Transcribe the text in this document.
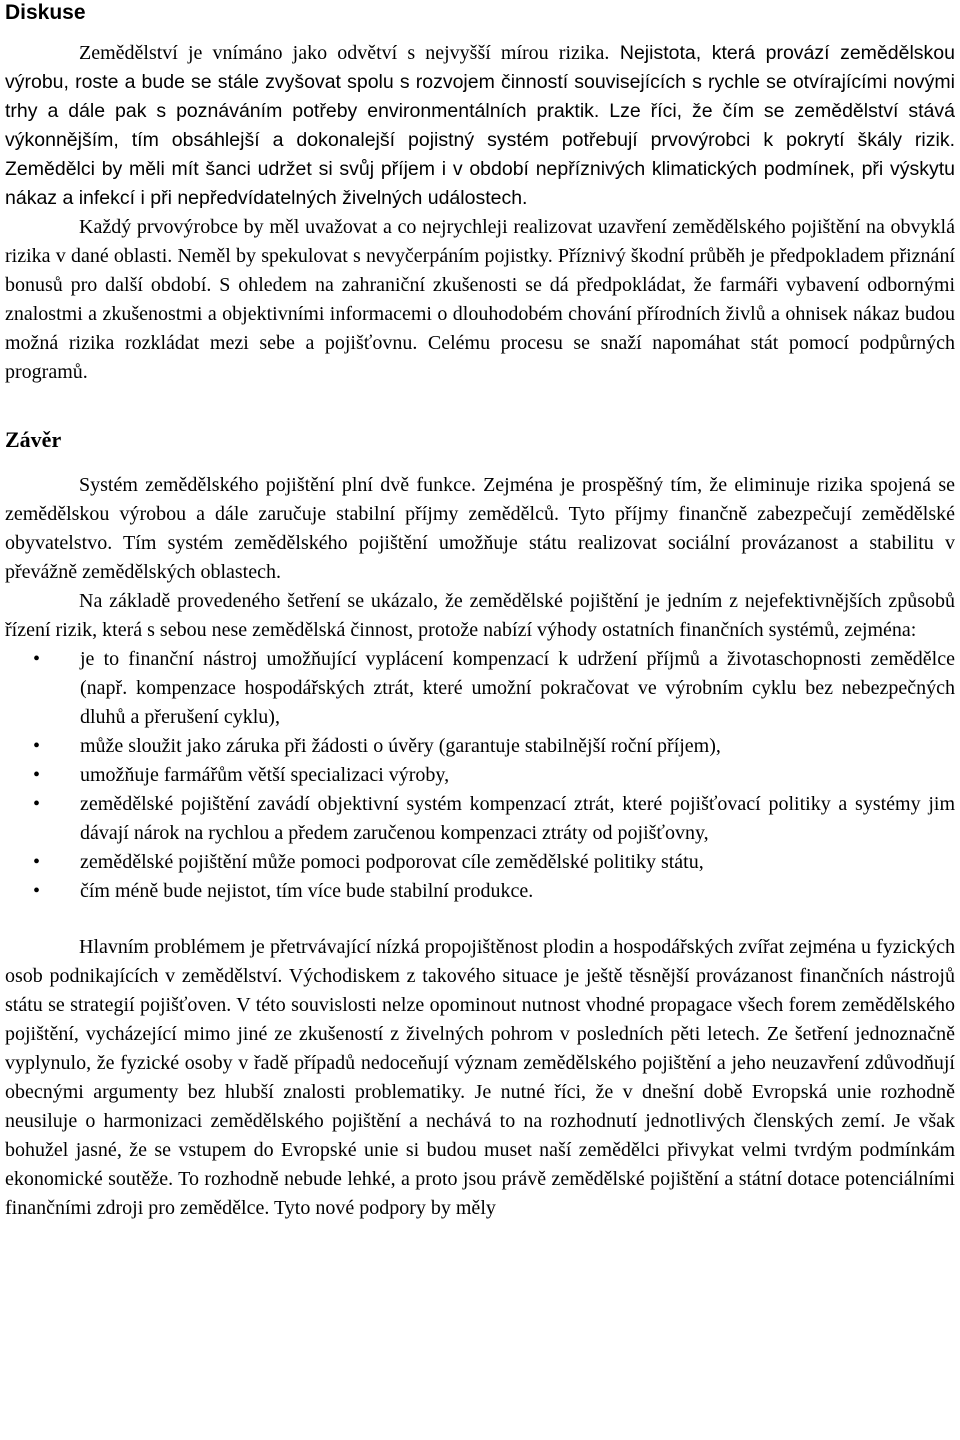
Diskuse

Zemědělství je vnímáno jako odvětví s nejvyšší mírou rizika. Nejistota, která provází zemědělskou výrobu, roste a bude se stále zvyšovat spolu s rozvojem činností souvisejících s rychle se otvírajícími novými trhy a dále pak s poznáváním potřeby environmentálních praktik. Lze říci, že čím se zemědělství stává výkonnějším, tím obsáhlejší a dokonalejší pojistný systém potřebují prvovýrobci k pokrytí škály rizik. Zemědělci by měli mít šanci udržet si svůj příjem i v období nepříznivých klimatických podmínek, při výskytu nákaz a infekcí i při nepředvídatelných živelných událostech.

Každý prvovýrobce by měl uvažovat a co nejrychleji realizovat uzavření zemědělského pojištění na obvyklá rizika v dané oblasti. Neměl by spekulovat s nevyčerpáním pojistky. Příznivý škodní průběh je předpokladem přiznání bonusů pro další období. S ohledem na zahraniční zkušenosti se dá předpokládat, že farmáři vybavení odbornými znalostmi a zkušenostmi a objektivními informacemi o dlouhodobém chování přírodních živlů a ohnisek nákaz budou možná rizika rozkládat mezi sebe a pojišťovnu. Celému procesu se snaží napomáhat stát pomocí podpůrných programů.

Závěr

Systém zemědělského pojištění plní dvě funkce. Zejména je prospěšný tím, že eliminuje rizika spojená se zemědělskou výrobou a dále zaručuje stabilní příjmy zemědělců. Tyto příjmy finančně zabezpečují zemědělské obyvatelstvo. Tím systém zemědělského pojištění umožňuje státu realizovat sociální provázanost a stabilitu v převážně zemědělských oblastech.

Na základě provedeného šetření se ukázalo, že zemědělské pojištění je jedním z nejefektivnějších způsobů řízení rizik, která s sebou nese zemědělská činnost, protože nabízí výhody ostatních finančních systémů, zejména:

• je to finanční nástroj umožňující vyplácení kompenzací k udržení příjmů a životaschopnosti zemědělce (např. kompenzace hospodářských ztrát, které umožní pokračovat ve výrobním cyklu bez nebezpečných dluhů a přerušení cyklu),
• může sloužit jako záruka při žádosti o úvěry (garantuje stabilnější roční příjem),
• umožňuje farmářům větší specializaci výroby,
• zemědělské pojištění zavádí objektivní systém kompenzací ztrát, které pojišťovací politiky a systémy jim dávají nárok na rychlou a předem zaručenou kompenzaci ztráty od pojišťovny,
• zemědělské pojištění může pomoci podporovat cíle zemědělské politiky státu,
• čím méně bude nejistot, tím více bude stabilní produkce.

Hlavním problémem je přetrvávající nízká propojištěnost plodin a hospodářských zvířat zejména u fyzických osob podnikajících v zemědělství. Východiskem z takového situace je ještě těsnější provázanost finančních nástrojů státu se strategií pojišťoven. V této souvislosti nelze opominout nutnost vhodné propagace všech forem zemědělského pojištění, vycházející mimo jiné ze zkušeností z živelných pohrom v posledních pěti letech. Ze šetření jednoznačně vyplynulo, že fyzické osoby v řadě případů nedoceňují význam zemědělského pojištění a jeho neuzavření zdůvodňují obecnými argumenty bez hlubší znalosti problematiky. Je nutné říci, že v dnešní době Evropská unie rozhodně neusiluje o harmonizaci zemědělského pojištění a nechává to na rozhodnutí jednotlivých členských zemí. Je však bohužel jasné, že se vstupem do Evropské unie si budou muset naší zemědělci přivykat velmi tvrdým podmínkám ekonomické soutěže. To rozhodně nebude lehké, a proto jsou právě zemědělské pojištění a státní dotace potenciálními finančními zdroji pro zemědělce. Tyto nové podpory by měly
